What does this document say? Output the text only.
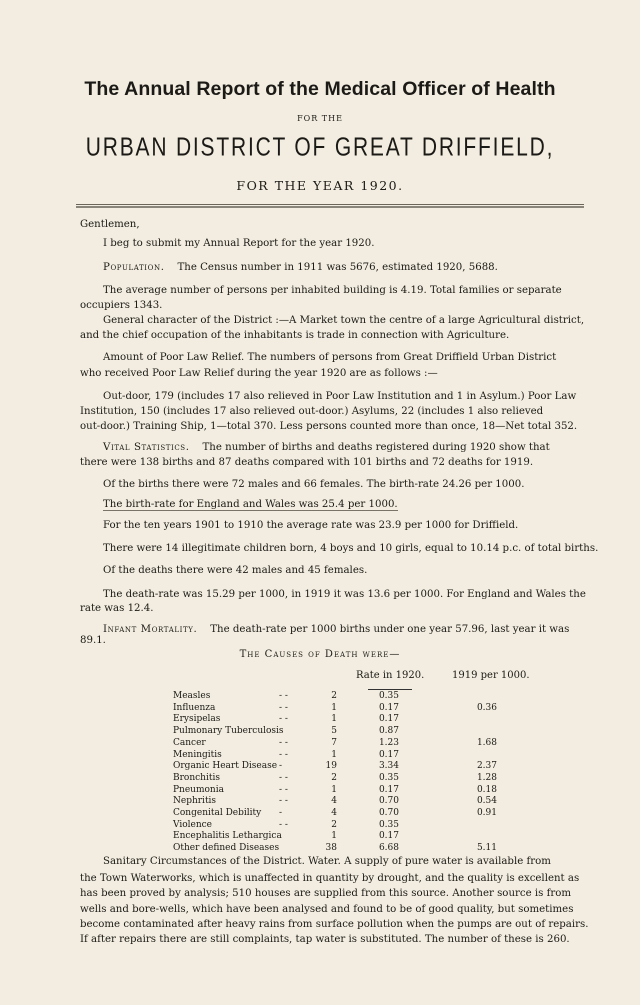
The Annual Report of the Medical Officer of Health
FOR THE
URBAN DISTRICT OF GREAT DRIFFIELD,
FOR THE YEAR 1920.
Gentlemen,
I beg to submit my Annual Report for the year 1920.
Population. The Census number in 1911 was 5676, estimated 1920, 5688.
The average number of persons per inhabited building is 4.19. Total families or separate
occupiers 1343.
General character of the District :—A Market town the centre of a large Agricultural district,
and the chief occupation of the inhabitants is trade in connection with Agriculture.
Amount of Poor Law Relief. The numbers of persons from Great Driffield Urban District
who received Poor Law Relief during the year 1920 are as follows :—
Out-door, 179 (includes 17 also relieved in Poor Law Institution and 1 in Asylum.) Poor Law
Institution, 150 (includes 17 also relieved out-door.) Asylums, 22 (includes 1 also relieved
out-door.) Training Ship, 1—total 370. Less persons counted more than once, 18—Net total 352.
Vital Statistics. The number of births and deaths registered during 1920 show that
there were 138 births and 87 deaths compared with 101 births and 72 deaths for 1919.
Of the births there were 72 males and 66 females. The birth-rate 24.26 per 1000.
The birth-rate for England and Wales was 25.4 per 1000.
For the ten years 1901 to 1910 the average rate was 23.9 per 1000 for Driffield.
There were 14 illegitimate children born, 4 boys and 10 girls, equal to 10.14 p.c. of total births.
Of the deaths there were 42 males and 45 females.
The death-rate was 15.29 per 1000, in 1919 it was 13.6 per 1000. For England and Wales the
rate was 12.4.
Infant Mortality. The death-rate per 1000 births under one year 57.96, last year it was
89.1.
The Causes of Death were—
Rate in 1920.	1919 per 1000.
Measles	- -	2	0.35
Influenza	- -	1	0.17	0.36
Erysipelas	- -	1	0.17
Pulmonary Tuberculosis	5	0.87
Cancer	- -	7	1.23	1.68
Meningitis	- -	1	0.17
Organic Heart Disease -	19	3.34	2.37
Bronchitis	- -	2	0.35	1.28
Pneumonia	- -	1	0.17	0.18
Nephritis	- -	4	0.70	0.54
Congenital Debility -	4	0.70	0.91
Violence	- -	2	0.35
Encephalitis Lethargica	1	0.17
Other defined Diseases	38	6.68	5.11
Sanitary Circumstances of the District. Water. A supply of pure water is available from
the Town Waterworks, which is unaffected in quantity by drought, and the quality is excellent as
has been proved by analysis; 510 houses are supplied from this source. Another source is from
wells and bore-wells, which have been analysed and found to be of good quality, but sometimes
become contaminated after heavy rains from surface pollution when the pumps are out of repairs.
If after repairs there are still complaints, tap water is substituted. The number of these is 260.
